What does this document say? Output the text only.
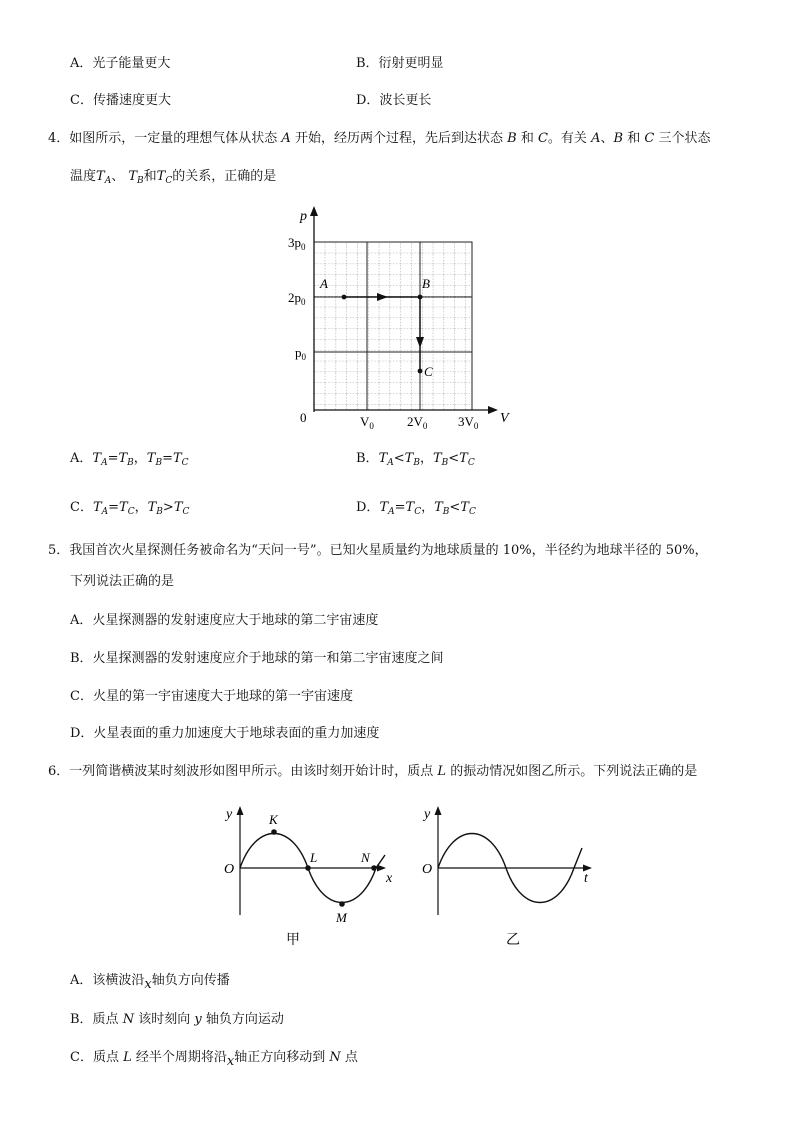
A．光子能量更大	B．衍射更明显
C．传播速度更大	D．波长更长
4．如图所示，一定量的理想气体从状态 A 开始，经历两个过程，先后到达状态 B 和 C。有关 A、B 和 C 三个状态
温度$T_A$、 $T_B$和$T_C$的关系，正确的是
p
V
0
$3p_0$
$2p_0$
$p_0$
$V_0$	$2V_0$ $3V_0$
A	B
C
A．$T_A=T_B$，$T_B=T_C$	B．$T_A<T_B$，$T_B<T_C$
C．$T_A=T_C$，$T_B>T_C$	D．$T_A=T_C$，$T_B<T_C$
5．我国首次火星探测任务被命名为“天问一号”。已知火星质量约为地球质量的 10%，半径约为地球半径的 50%，
下列说法正确的是
A．火星探测器的发射速度应大于地球的第二宇宙速度
B．火星探测器的发射速度应介于地球的第一和第二宇宙速度之间
C．火星的第一宇宙速度大于地球的第一宇宙速度
D．火星表面的重力加速度大于地球表面的重力加速度
6．一列简谐横波某时刻波形如图甲所示。由该时刻开始计时，质点 L 的振动情况如图乙所示。下列说法正确的是
y
x
O
K
L
M
N
甲
y
t
O
乙
A．该横波沿x轴负方向传播
B．质点 N 该时刻向 y 轴负方向运动
C．质点 L 经半个周期将沿x轴正方向移动到 N 点
